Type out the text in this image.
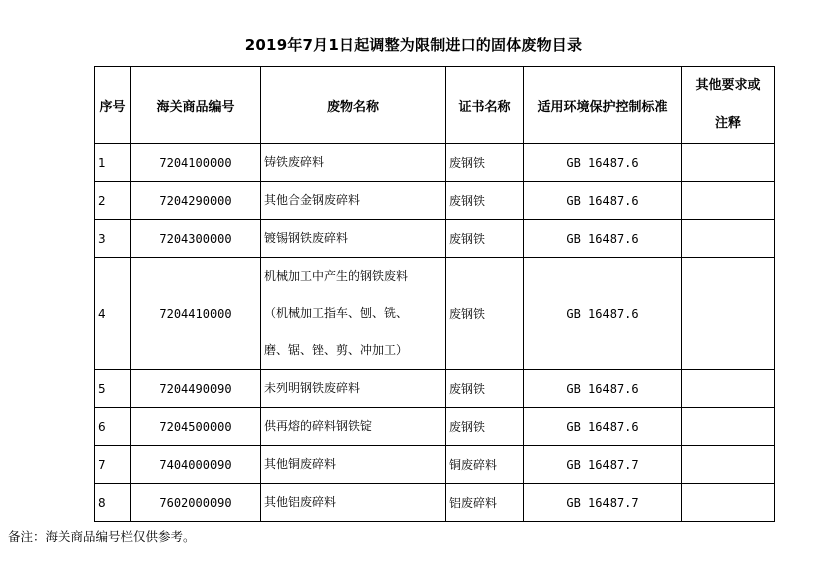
2019年7月1日起调整为限制进口的固体废物目录
序号	海关商品编号	废物名称	证书名称	适用环境保护控制标准	其他要求或
注释

1	7204100000	铸铁废碎料	废钢铁	GB 16487.6	
2	7204290000	其他合金钢废碎料	废钢铁	GB 16487.6	
3	7204300000	镀锡钢铁废碎料	废钢铁	GB 16487.6	
4	7204410000	机械加工中产生的钢铁废料
（机械加工指车、刨、铣、
磨、锯、锉、剪、冲加工）	废钢铁	GB 16487.6	
5	7204490090	未列明钢铁废碎料	废钢铁	GB 16487.6	
6	7204500000	供再熔的碎料钢铁锭	废钢铁	GB 16487.6	
7	7404000090	其他铜废碎料	铜废碎料	GB 16487.7	
8	7602000090	其他铝废碎料	铝废碎料	GB 16487.7	
备注：海关商品编号栏仅供参考。
